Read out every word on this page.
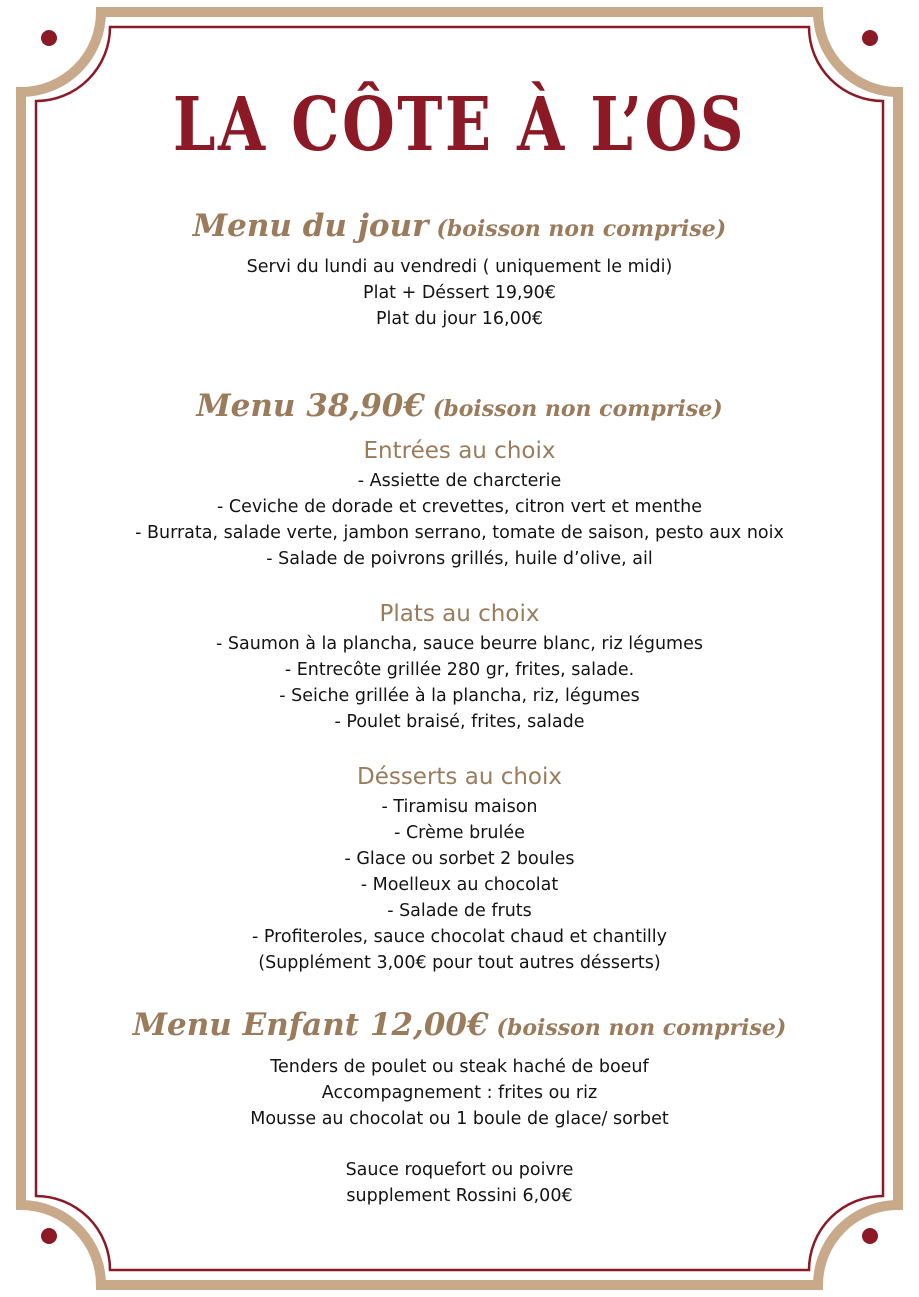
LA CÔTE À L’OS
Menu du jour (boisson non comprise)
Servi du lundi au vendredi ( uniquement le midi)
Plat + Déssert 19,90€
Plat du jour 16,00€
Menu 38,90€ (boisson non comprise)
Entrées au choix
- Assiette de charcterie
- Ceviche de dorade et crevettes, citron vert et menthe
- Burrata, salade verte, jambon serrano, tomate de saison, pesto aux noix
- Salade de poivrons grillés, huile d’olive, ail
Plats au choix
- Saumon à la plancha, sauce beurre blanc, riz légumes
- Entrecôte grillée 280 gr, frites, salade.
- Seiche grillée à la plancha, riz, légumes
- Poulet braisé, frites, salade
Désserts au choix
- Tiramisu maison
- Crème brulée
- Glace ou sorbet 2 boules
- Moelleux au chocolat
- Salade de fruts
- Profiteroles, sauce chocolat chaud et chantilly
(Supplément 3,00€ pour tout autres désserts)
Menu Enfant 12,00€ (boisson non comprise)
Tenders de poulet ou steak haché de boeuf
Accompagnement : frites ou riz
Mousse au chocolat ou 1 boule de glace/ sorbet
Sauce roquefort ou poivre
supplement Rossini 6,00€
